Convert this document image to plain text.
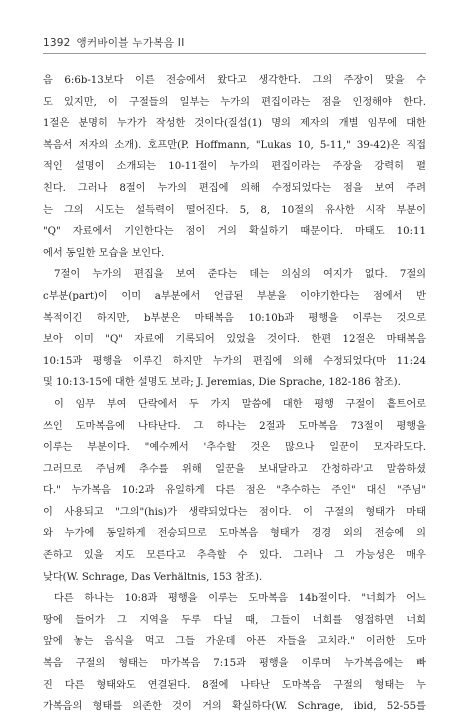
1392 앵커바이블 누가복음 II
음 6:6b-13보다 이른 전승에서 왔다고 생각한다. 그의 주장이 맞을 수
도 있지만, 이 구절들의 일부는 누가의 편집이라는 점을 인정해야 한다.
1절은 분명히 누가가 작성한 것이다(질섭(1) 명의 제자의 개별 임무에 대한
복음서 저자의 소개). 호프만(P. Hoffmann, "Lukas 10, 5-11," 39-42)은 직접
적인 설명이 소개되는 10-11절이 누가의 편집이라는 주장을 강력히 펼
친다. 그러나 8절이 누가의 편집에 의해 수정되었다는 점을 보여 주려
는 그의 시도는 설득력이 떨어진다. 5, 8, 10절의 유사한 시작 부분이
"Q" 자료에서 기인한다는 점이 거의 확실하기 때문이다. 마태도 10:11
에서 동일한 모습을 보인다.
7절이 누가의 편집을 보여 준다는 데는 의심의 여지가 없다. 7절의
c부분(part)이 이미 a부분에서 언급된 부분을 이야기한다는 점에서 반
복적이긴 하지만, b부분은 마태복음 10:10b과 평행을 이루는 것으로
보아 이미 "Q" 자료에 기록되어 있었을 것이다. 한편 12절은 마태복음
10:15과 평행을 이루긴 하지만 누가의 편집에 의해 수정되었다(마 11:24
및 10:13-15에 대한 설명도 보라; J. Jeremias, Die Sprache, 182-186 참조).
이 임무 부여 단락에서 두 가지 말씀에 대한 평행 구절이 흩트어로
쓰인 도마복음에 나타난다. 그 하나는 2절과 도마복음 73절이 평행을
이루는 부분이다. "예수께서 '추수할 것은 많으나 일꾼이 모자라도다.
그러므로 주님께 추수를 위해 일꾼을 보내달라고 간청하라'고 말씀하셨
다." 누가복음 10:2과 유일하게 다른 점은 "추수하는 주인" 대신 "주님"
이 사용되고 "그의"(his)가 생략되었다는 점이다. 이 구절의 형태가 마태
와 누가에 동일하게 전승되므로 도마복음 형태가 경경 외의 전승에 의
존하고 있을 지도 모른다고 추측할 수 있다. 그러나 그 가능성은 매우
낮다(W. Schrage, Das Verhältnis, 153 참조).
다른 하나는 10:8과 평행을 이루는 도마복음 14b절이다. "너희가 어느
땅에 들어가 그 지역을 두루 다닐 때, 그들이 너희를 영접하면 너희
앞에 놓는 음식을 먹고 그들 가운데 아픈 자들을 고치라." 이러한 도마
복음 구절의 형태는 마가복음 7:15과 평행을 이루며 누가복음에는 빠
진 다른 형태와도 연결된다. 8절에 나타난 도마복음 구절의 형태는 누
가복음의 형태를 의존한 것이 거의 확실하다(W. Schrage, ibid, 52-55를
